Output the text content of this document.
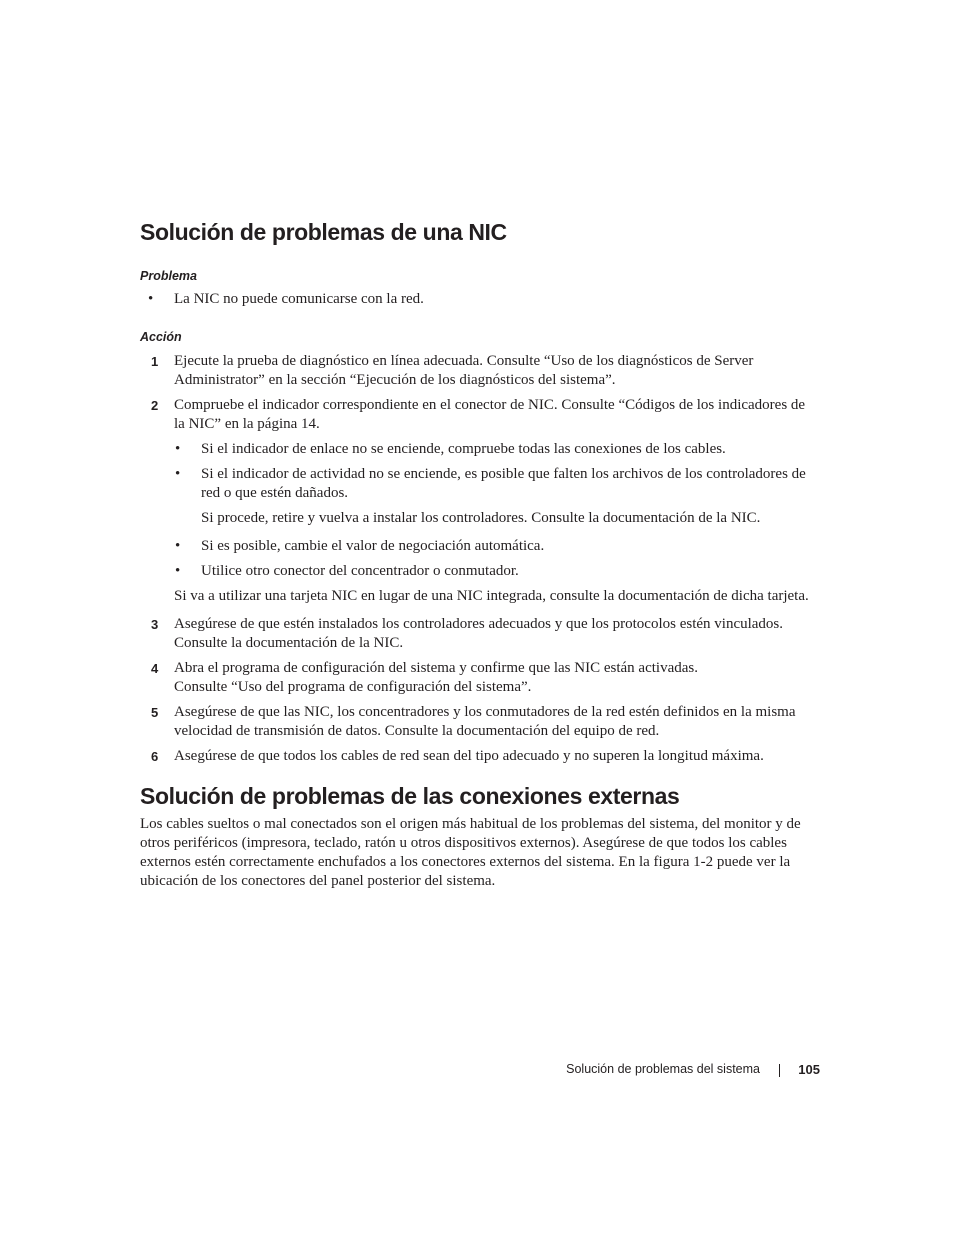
Solución de problemas de una NIC
Problema
• La NIC no puede comunicarse con la red.
Acción
1 Ejecute la prueba de diagnóstico en línea adecuada. Consulte “Uso de los diagnósticos de Server Administrator” en la sección “Ejecución de los diagnósticos del sistema”.
2 Compruebe el indicador correspondiente en el conector de NIC. Consulte “Códigos de los indicadores de la NIC” en la página 14.
• Si el indicador de enlace no se enciende, compruebe todas las conexiones de los cables.
• Si el indicador de actividad no se enciende, es posible que falten los archivos de los controladores de red o que estén dañados.
Si procede, retire y vuelva a instalar los controladores. Consulte la documentación de la NIC.
• Si es posible, cambie el valor de negociación automática.
• Utilice otro conector del concentrador o conmutador.
Si va a utilizar una tarjeta NIC en lugar de una NIC integrada, consulte la documentación de dicha tarjeta.
3 Asegúrese de que estén instalados los controladores adecuados y que los protocolos estén vinculados. Consulte la documentación de la NIC.
4 Abra el programa de configuración del sistema y confirme que las NIC están activadas.
Consulte “Uso del programa de configuración del sistema”.
5 Asegúrese de que las NIC, los concentradores y los conmutadores de la red estén definidos en la misma velocidad de transmisión de datos. Consulte la documentación del equipo de red.
6 Asegúrese de que todos los cables de red sean del tipo adecuado y no superen la longitud máxima.
Solución de problemas de las conexiones externas
Los cables sueltos o mal conectados son el origen más habitual de los problemas del sistema, del monitor y de otros periféricos (impresora, teclado, ratón u otros dispositivos externos). Asegúrese de que todos los cables externos estén correctamente enchufados a los conectores externos del sistema. En la figura 1-2 puede ver la ubicación de los conectores del panel posterior del sistema.
Solución de problemas del sistema	105
